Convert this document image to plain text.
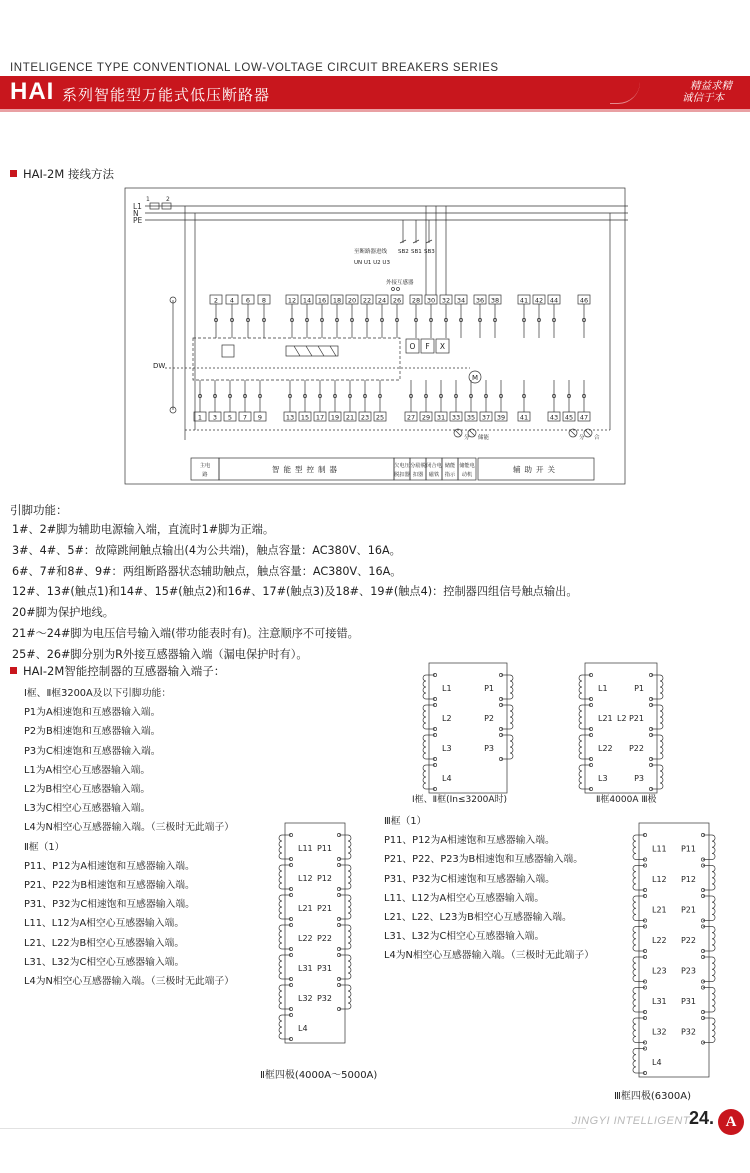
INTELIGENCE TYPE CONVENTIONAL LOW-VOLTAGE CIRCUIT BREAKERS SERIES
HAI 系列智能型万能式低压断路器	精益求精
诚信于本
HAI-2M 接线方法
L1
N
PE
1	2
2 4 6 8	12 14 16 18 20 22 24 26 28 30 32 34 36 38	41 42 44	46
1 3 5 7 9	13 15 17 19 21 23 25	27 29 31 33 35 37 39 41	43 45 47
O F X
M
DW
至断路器进线
UN U1 U2 U3
外接互感器
SB2 SB1 SB3
分 储能	分 合
主电
路
智能型控制器	欠电压
脱扣器
分励脱
扣器
闭合电
磁铁
储能
指示
储能电
动机
辅助开关
引脚功能：
1#、2#脚为辅助电源输入端，直流时1#脚为正端。
3#、4#、5#：故障跳闸触点输出(4为公共端)，触点容量：AC380V、16A。
6#、7#和8#、9#：两组断路器状态辅助触点，触点容量：AC380V、16A。
12#、13#(触点1)和14#、15#(触点2)和16#、17#(触点3)及18#、19#(触点4)：控制器四组信号触点输出。
20#脚为保护地线。
21#～24#脚为电压信号输入端(带功能表时有)。注意顺序不可接错。
25#、26#脚分别为R外接互感器输入端（漏电保护时有）。
HAI-2M智能控制器的互感器输入端子：
Ⅰ框、Ⅱ框3200A及以下引脚功能：
P1为A相速饱和互感器输入端。
P2为B相速饱和互感器输入端。
P3为C相速饱和互感器输入端。
L1为A相空心互感器输入端。
L2为B相空心互感器输入端。
L3为C相空心互感器输入端。
L4为N相空心互感器输入端。（三极时无此端子）
Ⅱ框（1）
P11、P12为A相速饱和互感器输入端。
P21、P22为B相速饱和互感器输入端。
P31、P32为C相速饱和互感器输入端。
L11、L12为A相空心互感器输入端。
L21、L22为B相空心互感器输入端。
L31、L32为C相空心互感器输入端。
L4为N相空心互感器输入端。（三极时无此端子）
Ⅲ框（1）
P11、P12为A相速饱和互感器输入端。
P21、P22、P23为B相速饱和互感器输入端。
P31、P32为C相速饱和互感器输入端。
L11、L12为A相空心互感器输入端。
L21、L22、L23为B相空心互感器输入端。
L31、L32为C相空心互感器输入端。
L4为N相空心互感器输入端。（三极时无此端子）
L1	P1
L2	P2
L3	P3
L4
L1	P1
L21 P21
L22 P22
L3	P3
L2
L11 P11
L12 P12
L21 P21
L22 P22
L31 P31
L32 P32
L4
L11 P11
L12 P12
L21 P21
L22 P22
L23 P23
L31 P31
L32 P32
L4
Ⅰ框、Ⅱ框(In≤3200A时)	Ⅱ框4000A Ⅲ极
Ⅱ框四极(4000A～5000A)
Ⅲ框四极(6300A)
JINGYI INTELLIGENT
24. A
